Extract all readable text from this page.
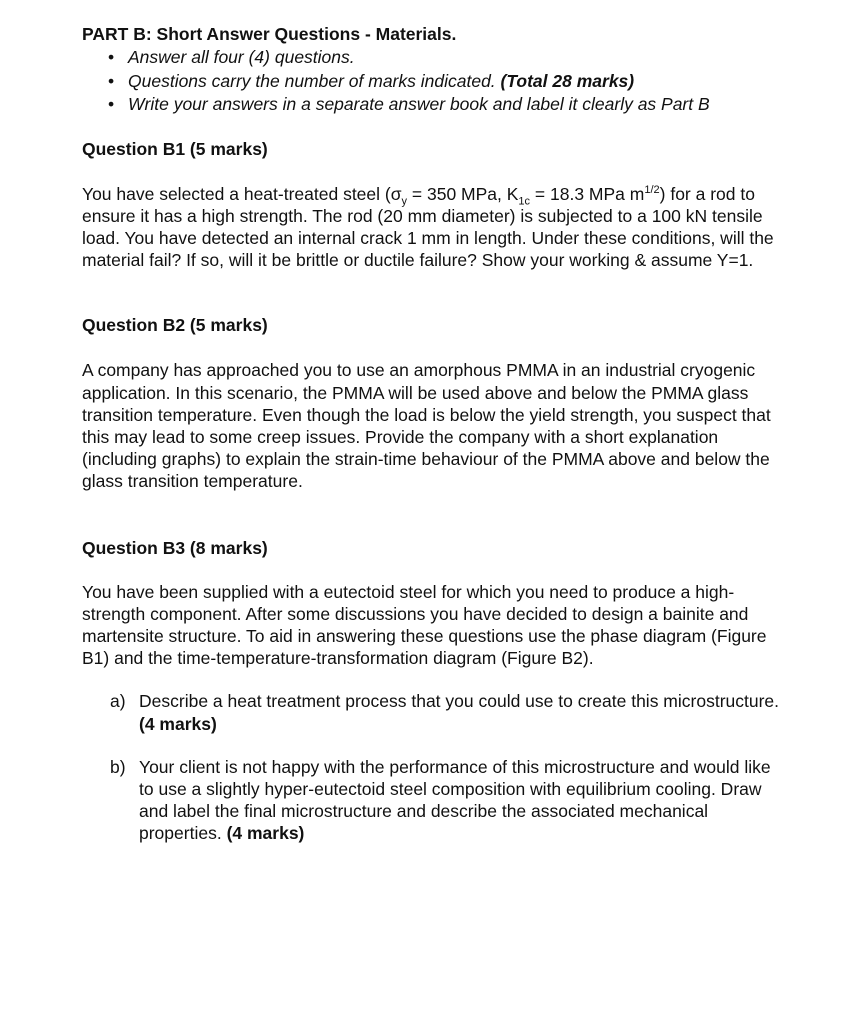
PART B: Short Answer Questions - Materials.
• Answer all four (4) questions.
• Questions carry the number of marks indicated. (Total 28 marks)
• Write your answers in a separate answer book and label it clearly as Part B
Question B1 (5 marks)

You have selected a heat-treated steel ($\sigma_y = 350$ MPa, $K_{1c} = 18.3$ MPa $m^{1/2}$) for a rod to ensure it has a high strength. The rod (20 mm diameter) is subjected to a 100 kN tensile load. You have detected an internal crack 1 mm in length. Under these conditions, will the material fail? If so, will it be brittle or ductile failure? Show your working & assume Y=1.

Question B2 (5 marks)

A company has approached you to use an amorphous PMMA in an industrial cryogenic application. In this scenario, the PMMA will be used above and below the PMMA glass transition temperature. Even though the load is below the yield strength, you suspect that this may lead to some creep issues. Provide the company with a short explanation (including graphs) to explain the strain-time behaviour of the PMMA above and below the glass transition temperature.

Question B3 (8 marks)

You have been supplied with a eutectoid steel for which you need to produce a high-strength component. After some discussions you have decided to design a bainite and martensite structure. To aid in answering these questions use the phase diagram (Figure B1) and the time-temperature-transformation diagram (Figure B2).

a) Describe a heat treatment process that you could use to create this microstructure. (4 marks)

b) Your client is not happy with the performance of this microstructure and would like to use a slightly hyper-eutectoid steel composition with equilibrium cooling. Draw and label the final microstructure and describe the associated mechanical properties. (4 marks)
